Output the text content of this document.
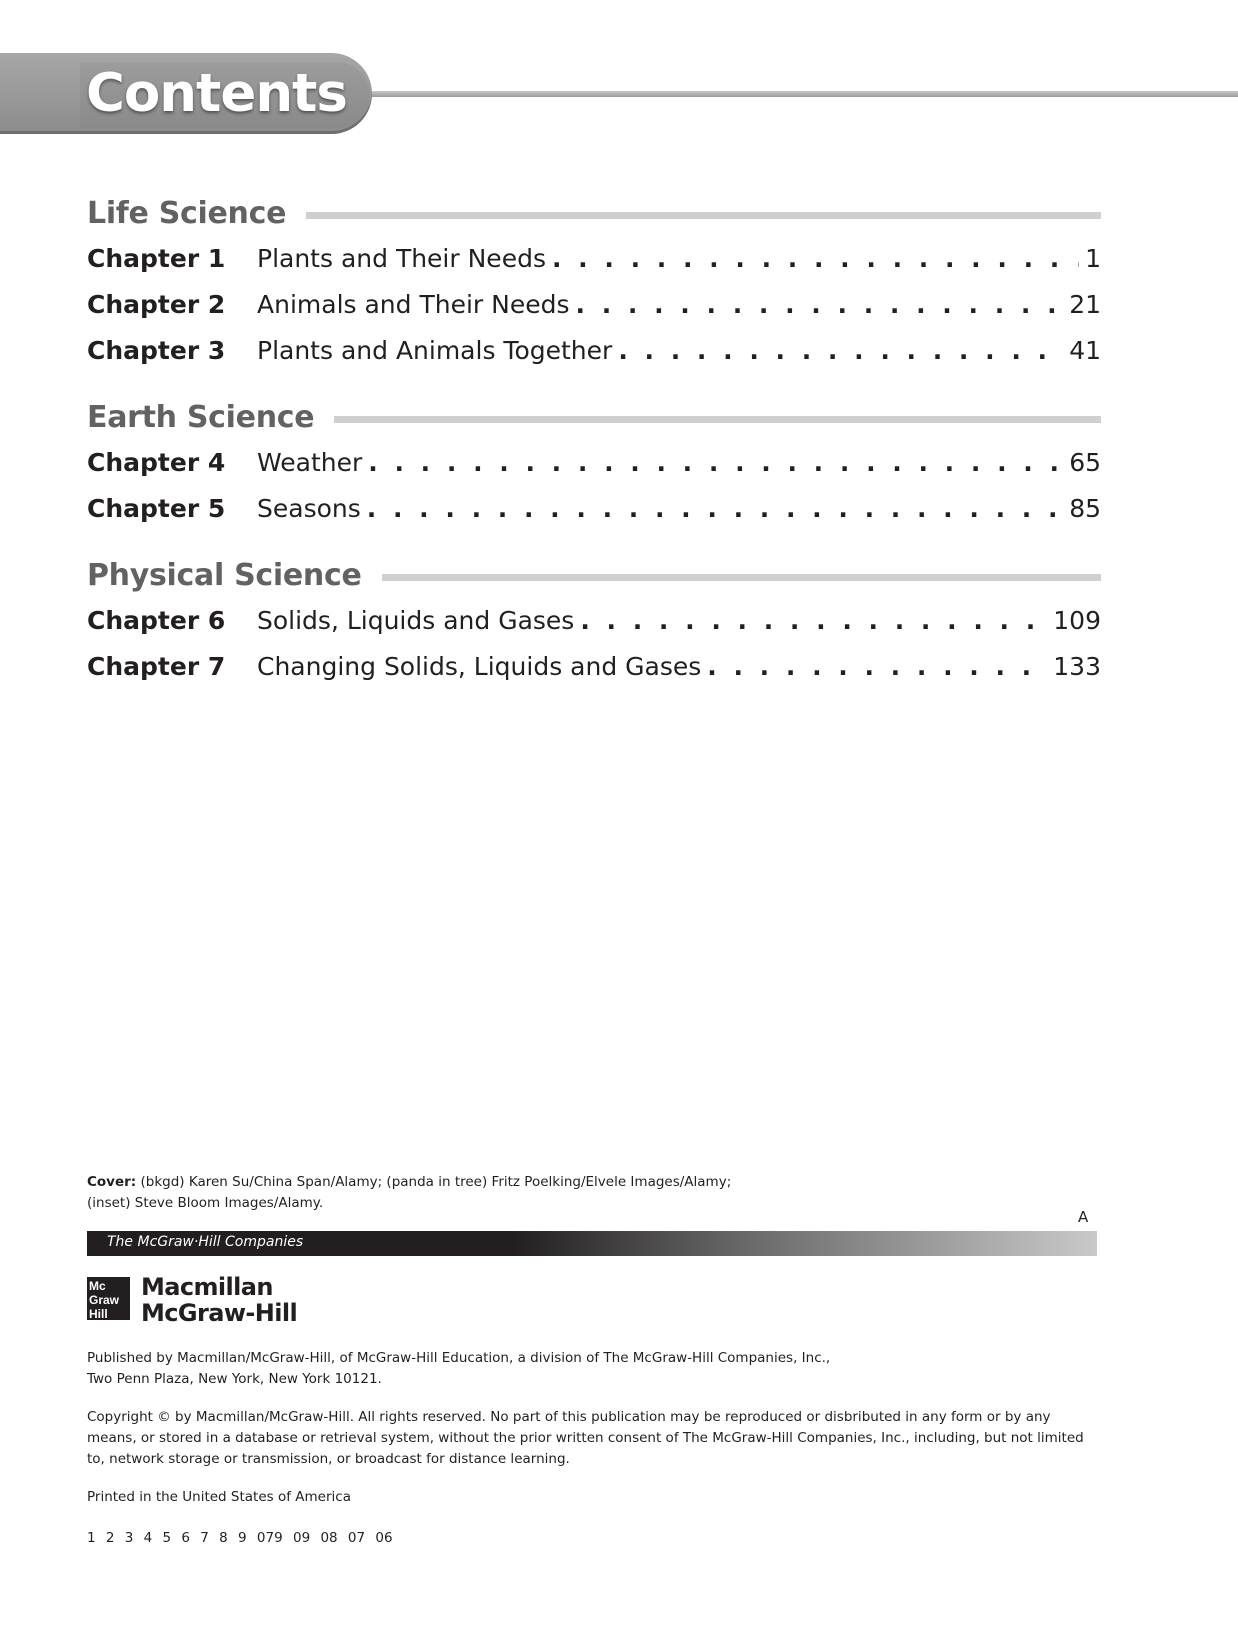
Contents
Life Science
Chapter 1	Plants and Their Needs . . .	1
Chapter 2	Animals and Their Needs . . .	21
Chapter 3	Plants and Animals Together . . .	41
Earth Science
Chapter 4	Weather . . .	65
Chapter 5	Seasons . . .	85
Physical Science
Chapter 6	Solids, Liquids and Gases . . .	109
Chapter 7	Changing Solids, Liquids and Gases . . .	133
Cover: (bkgd) Karen Su/China Span/Alamy; (panda in tree) Fritz Poelking/Elvele Images/Alamy;
(inset) Steve Bloom Images/Alamy.
A
The McGraw·Hill Companies
Mc
Graw
Hill
Macmillan
McGraw-Hill

Published by Macmillan/McGraw-Hill, of McGraw-Hill Education, a division of The McGraw-Hill Companies, Inc.,
Two Penn Plaza, New York, New York 10121.

Copyright © by Macmillan/McGraw-Hill. All rights reserved. No part of this publication may be reproduced or disbributed in any form or by any means, or stored in a database or retrieval system, without the prior written consent of The McGraw-Hill Companies, Inc., including, but not limited to, network storage or transmission, or broadcast for distance learning.

Printed in the United States of America

1 2 3 4 5 6 7 8 9 079 09 08 07 06
